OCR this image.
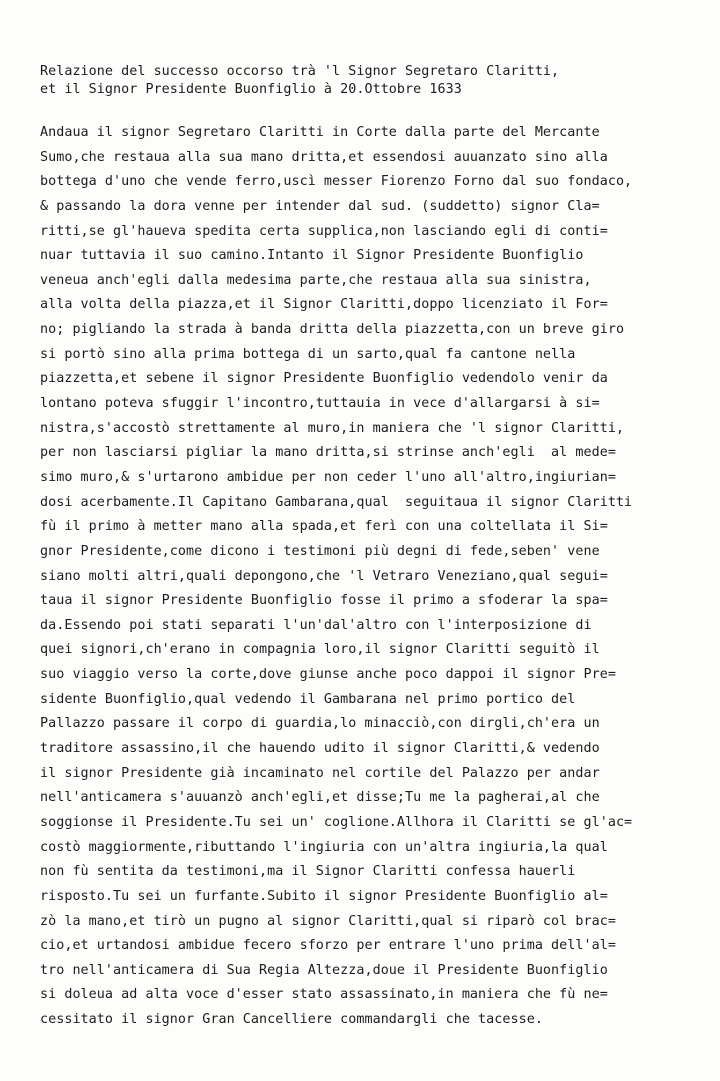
Relazione del successo occorso trà 'l Signor Segretaro Claritti,
et il Signor Presidente Buonfiglio à 20.Ottobre 1633
Andaua il signor Segretaro Claritti in Corte dalla parte del Mercante
Sumo,che restaua alla sua mano dritta,et essendosi auuanzato sino alla
bottega d'uno che vende ferro,uscì messer Fiorenzo Forno dal suo fondaco,
& passando la dora venne per intender dal sud. (suddetto) signor Cla=
ritti,se gl'haueva spedita certa supplica,non lasciando egli di conti=
nuar tuttavia il suo camino.Intanto il Signor Presidente Buonfiglio
veneua anch'egli dalla medesima parte,che restaua alla sua sinistra,
alla volta della piazza,et il Signor Claritti,doppo licenziato il For=
no; pigliando la strada à banda dritta della piazzetta,con un breve giro
si portò sino alla prima bottega di un sarto,qual fa cantone nella
piazzetta,et sebene il signor Presidente Buonfiglio vedendolo venir da
lontano poteva sfuggir l'incontro,tuttauia in vece d'allargarsi à si=
nistra,s'accostò strettamente al muro,in maniera che 'l signor Claritti,
per non lasciarsi pigliar la mano dritta,si strinse anch'egli  al mede=
simo muro,& s'urtarono ambidue per non ceder l'uno all'altro,ingiurian=
dosi acerbamente.Il Capitano Gambarana,qual  seguitaua il signor Claritti
fù il primo à metter mano alla spada,et ferì con una coltellata il Si=
gnor Presidente,come dicono i testimoni più degni di fede,seben' vene
siano molti altri,quali depongono,che 'l Vetraro Veneziano,qual segui=
taua il signor Presidente Buonfiglio fosse il primo a sfoderar la spa=
da.Essendo poi stati separati l'un'dal'altro con l'interposizione di
quei signori,ch'erano in compagnia loro,il signor Claritti seguitò il
suo viaggio verso la corte,dove giunse anche poco dappoi il signor Pre=
sidente Buonfiglio,qual vedendo il Gambarana nel primo portico del
Pallazzo passare il corpo di guardia,lo minacciò,con dirgli,ch'era un
traditore assassino,il che hauendo udito il signor Claritti,& vedendo
il signor Presidente già incaminato nel cortile del Palazzo per andar
nell'anticamera s'auuanzò anch'egli,et disse;Tu me la pagherai,al che
soggionse il Presidente.Tu sei un' coglione.Allhora il Claritti se gl'ac=
costò maggiormente,ributtando l'ingiuria con un'altra ingiuria,la qual
non fù sentita da testimoni,ma il Signor Claritti confessa hauerli
risposto.Tu sei un furfante.Subito il signor Presidente Buonfiglio al=
zò la mano,et tirò un pugno al signor Claritti,qual si riparò col brac=
cio,et urtandosi ambidue fecero sforzo per entrare l'uno prima dell'al=
tro nell'anticamera di Sua Regia Altezza,doue il Presidente Buonfiglio
si doleua ad alta voce d'esser stato assassinato,in maniera che fù ne=
cessitato il signor Gran Cancelliere commandargli che tacesse.
